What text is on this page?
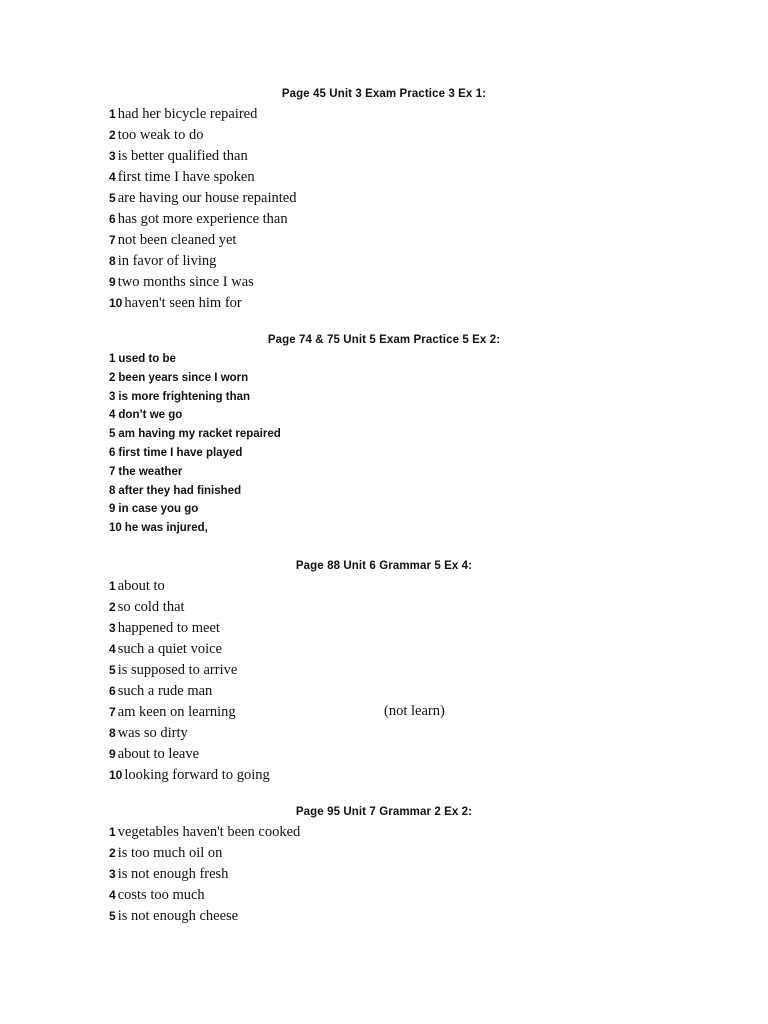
Page 45 Unit 3 Exam Practice 3 Ex 1:
1 had her bicycle repaired
2 too weak to do
3 is better qualified than
4 first time I have spoken
5 are having our house repainted
6 has got more experience than
7 not been cleaned yet
8 in favor of living
9 two months since I was
10 haven't seen him for
Page 74 & 75 Unit 5 Exam Practice 5 Ex 2:
1 used to be
2 been years since I worn
3 is more frightening than
4 don’t we go
5 am having my racket repaired
6 first time I have played
7 the weather
8 after they had finished
9 in case you go
10 he was injured,
Page 88 Unit 6 Grammar 5 Ex 4:
1 about to
2 so cold that
3 happened to meet
4 such a quiet voice
5 is supposed to arrive
6 such a rude man
7 am keen on learning	(not learn)
8 was so dirty
9 about to leave
10 looking forward to going
Page 95 Unit 7 Grammar 2 Ex 2:
1 vegetables haven't been cooked
2 is too much oil on
3 is not enough fresh
4 costs too much
5 is not enough cheese
